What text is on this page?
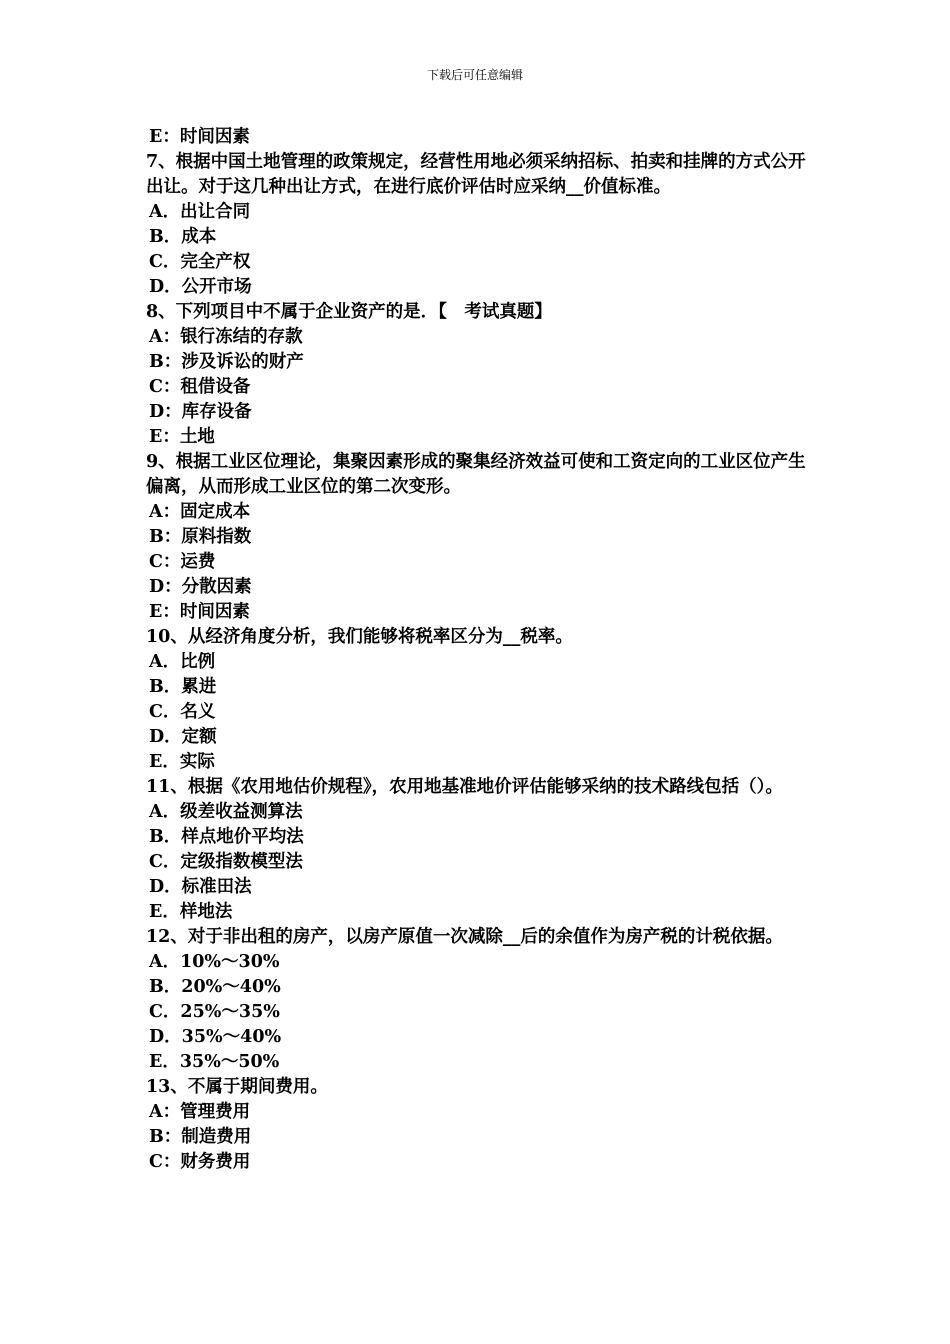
下载后可任意编辑
E：时间因素
7、根据中国土地管理的政策规定，经营性用地必须采纳招标、拍卖和挂牌的方式公开出让。对于这几种出让方式，在进行底价评估时应采纳__价值标准。
A．出让合同
B．成本
C．完全产权
D．公开市场
8、下列项目中不属于企业资产的是．【　考试真题】
A：银行冻结的存款
B：涉及诉讼的财产
C：租借设备
D：库存设备
E：土地
9、根据工业区位理论，集聚因素形成的聚集经济效益可使和工资定向的工业区位产生偏离，从而形成工业区位的第二次变形。
A：固定成本
B：原料指数
C：运费
D：分散因素
E：时间因素
10、从经济角度分析，我们能够将税率区分为__税率。
A．比例
B．累进
C．名义
D．定额
E．实际
11、根据《农用地估价规程》，农用地基准地价评估能够采纳的技术路线包括（）。
A．级差收益测算法
B．样点地价平均法
C．定级指数模型法
D．标准田法
E．样地法
12、对于非出租的房产，以房产原值一次减除__后的余值作为房产税的计税依据。
A．10%～30%
B．20%～40%
C．25%～35%
D．35%～40%
E．35%～50%
13、不属于期间费用。
A：管理费用
B：制造费用
C：财务费用
